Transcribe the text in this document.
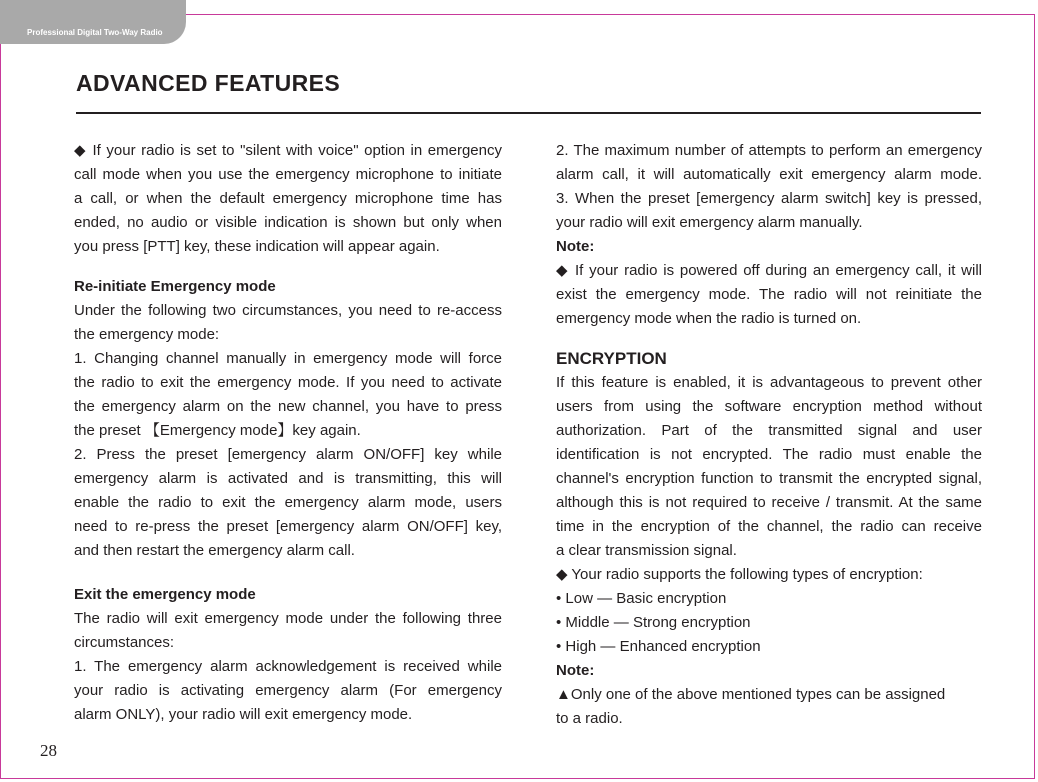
Professional Digital Two-Way Radio
ADVANCED FEATURES

◆ If your radio is set to "silent with voice" option in emergency

call mode when you use the emergency microphone to initiate

a call, or when the default emergency microphone time has

ended, no audio or visible indication is shown but only when

you press [PTT] key, these indication will appear again.

Re-initiate Emergency mode

Under the following two circumstances, you need to re-access

the emergency mode:

1. Changing channel manually in emergency mode will force

the radio to exit the emergency mode. If you need to activate

the emergency alarm on the new channel, you have to press

the preset 【Emergency mode】key again.

2. Press the preset [emergency alarm ON/OFF] key while

emergency alarm is activated and is transmitting, this will

enable the radio to exit the emergency alarm mode, users

need to re-press the preset [emergency alarm ON/OFF] key,

and then restart the emergency alarm call.

Exit the emergency mode

The radio will exit emergency mode under the following three

circumstances:

1. The emergency alarm acknowledgement is received while

your radio is activating emergency alarm (For emergency

alarm ONLY), your radio will exit emergency mode.

2. The maximum number of attempts to perform an emergency

alarm call, it will automatically exit emergency alarm mode.

3. When the preset [emergency alarm switch] key is pressed,

your radio will exit emergency alarm manually.

Note:

◆ If your radio is powered off during an emergency call, it will

exist the emergency mode. The radio will not reinitiate the

emergency mode when the radio is turned on.

ENCRYPTION

If this feature is enabled, it is advantageous to prevent other

users from using the software encryption method without

authorization. Part of the transmitted signal and user

identification is not encrypted. The radio must enable the

channel's encryption function to transmit the encrypted signal,

although this is not required to receive / transmit. At the same

time in the encryption of the channel, the radio can receive

a clear transmission signal.

◆ Your radio supports the following types of encryption:

• Low — Basic encryption

• Middle — Strong encryption

• High — Enhanced encryption

Note:

▲Only one of the above mentioned types can be assigned

to a radio.

28
